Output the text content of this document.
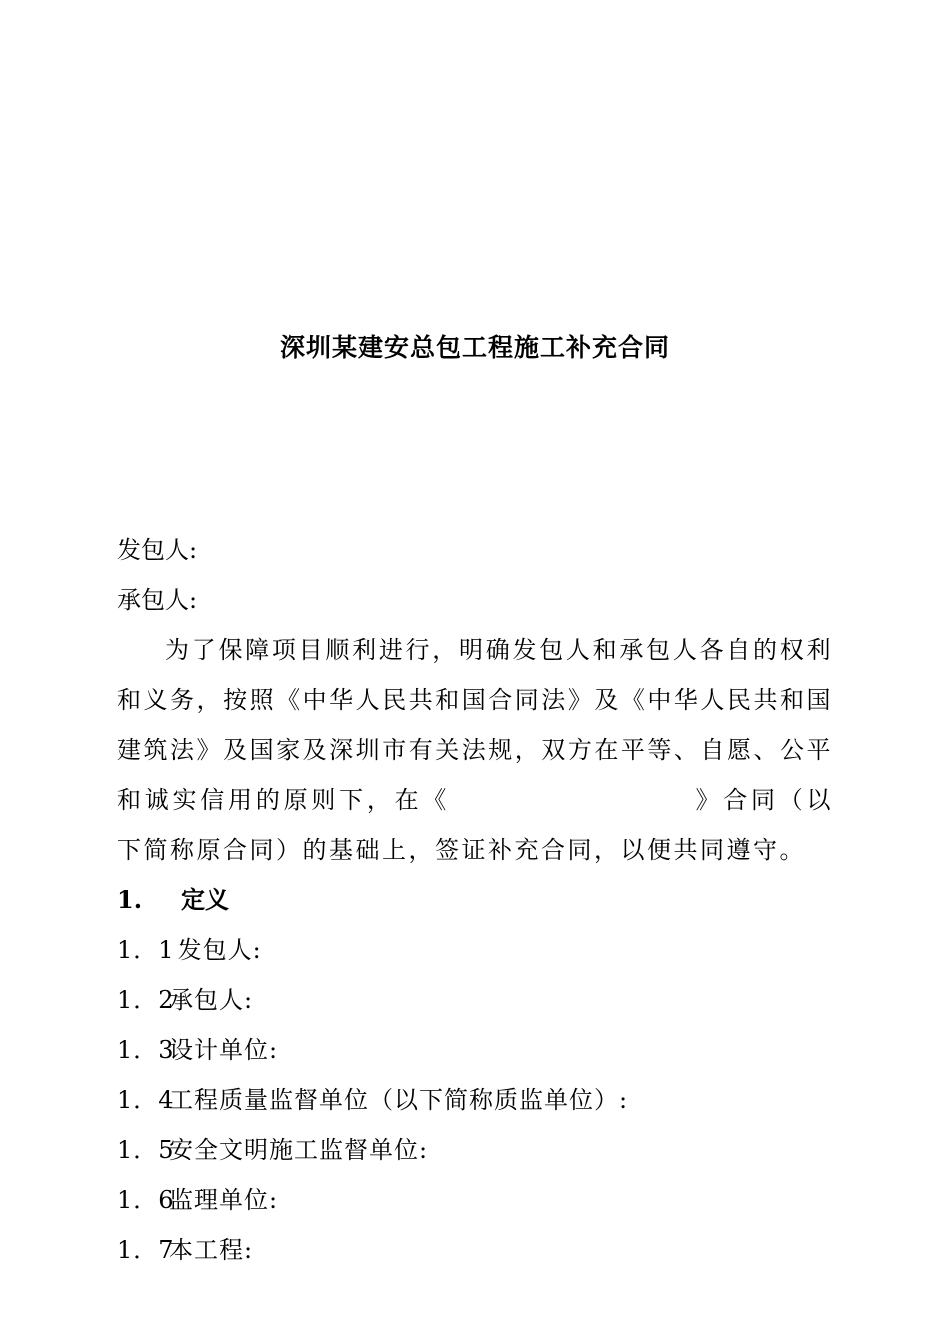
深圳某建安总包工程施工补充合同
发包人:
承包人:
为了保障项目顺利进行，明确发包人和承包人各自的权利和义务，按照《中华人民共和国合同法》及《中华人民共和国建筑法》及国家及深圳市有关法规，双方在平等、自愿、公平和诚实信用的原则下，在《	》合同（以下简称原合同）的基础上，签证补充合同，以便共同遵守。
1. 定义
1．1 发包人:
1．2承包人:
1．3设计单位:
1．4工程质量监督单位（以下简称质监单位）:
1．5安全文明施工监督单位:
1．6监理单位:
1．7本工程:
